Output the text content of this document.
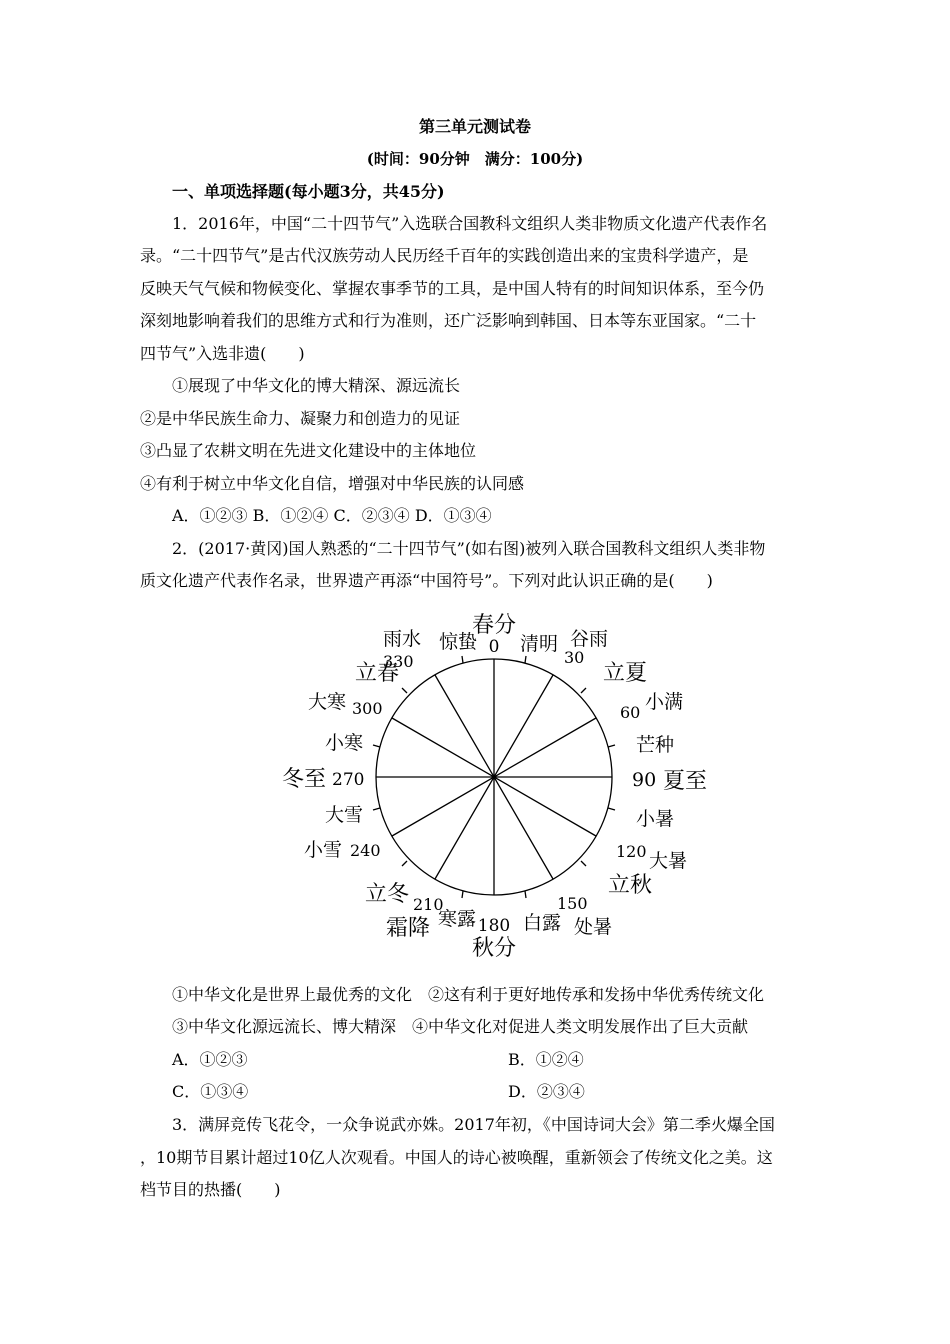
第三单元测试卷
(时间：90分钟　满分：100分)
一、单项选择题(每小题3分，共45分)
1．2016年，中国“二十四节气”入选联合国教科文组织人类非物质文化遗产代表作名
录。“二十四节气”是古代汉族劳动人民历经千百年的实践创造出来的宝贵科学遗产，是
反映天气气候和物候变化、掌握农事季节的工具，是中国人特有的时间知识体系，至今仍
深刻地影响着我们的思维方式和行为准则，还广泛影响到韩国、日本等东亚国家。“二十
四节气”入选非遗(　　)
①展现了中华文化的博大精深、源远流长
②是中华民族生命力、凝聚力和创造力的见证
③凸显了农耕文明在先进文化建设中的主体地位
④有利于树立中华文化自信，增强对中华民族的认同感
A．①②③ B．①②④ C．②③④ D．①③④
2．(2017·黄冈)国人熟悉的“二十四节气”(如右图)被列入联合国教科文组织人类非物
质文化遗产代表作名录，世界遗产再添“中国符号”。下列对此认识正确的是(　　)
春分
0
惊蛰
雨水
330
清明 谷雨
30
立夏
小满
60
芒种
90 夏至
小暑
120 大暑
立秋
150
处暑
白露
180
秋分
寒露
210
霜降
立冬
小雪 240
大雪
冬至 270
小寒
大寒 300
立春
①中华文化是世界上最优秀的文化　②这有利于更好地传承和发扬中华优秀传统文化
③中华文化源远流长、博大精深　④中华文化对促进人类文明发展作出了巨大贡献
A．①②③	B．①②④
C．①③④	D．②③④
3．满屏竞传飞花令，一众争说武亦姝。2017年初，《中国诗词大会》第二季火爆全国
，10期节目累计超过10亿人次观看。中国人的诗心被唤醒，重新领会了传统文化之美。这
档节目的热播(　　)
